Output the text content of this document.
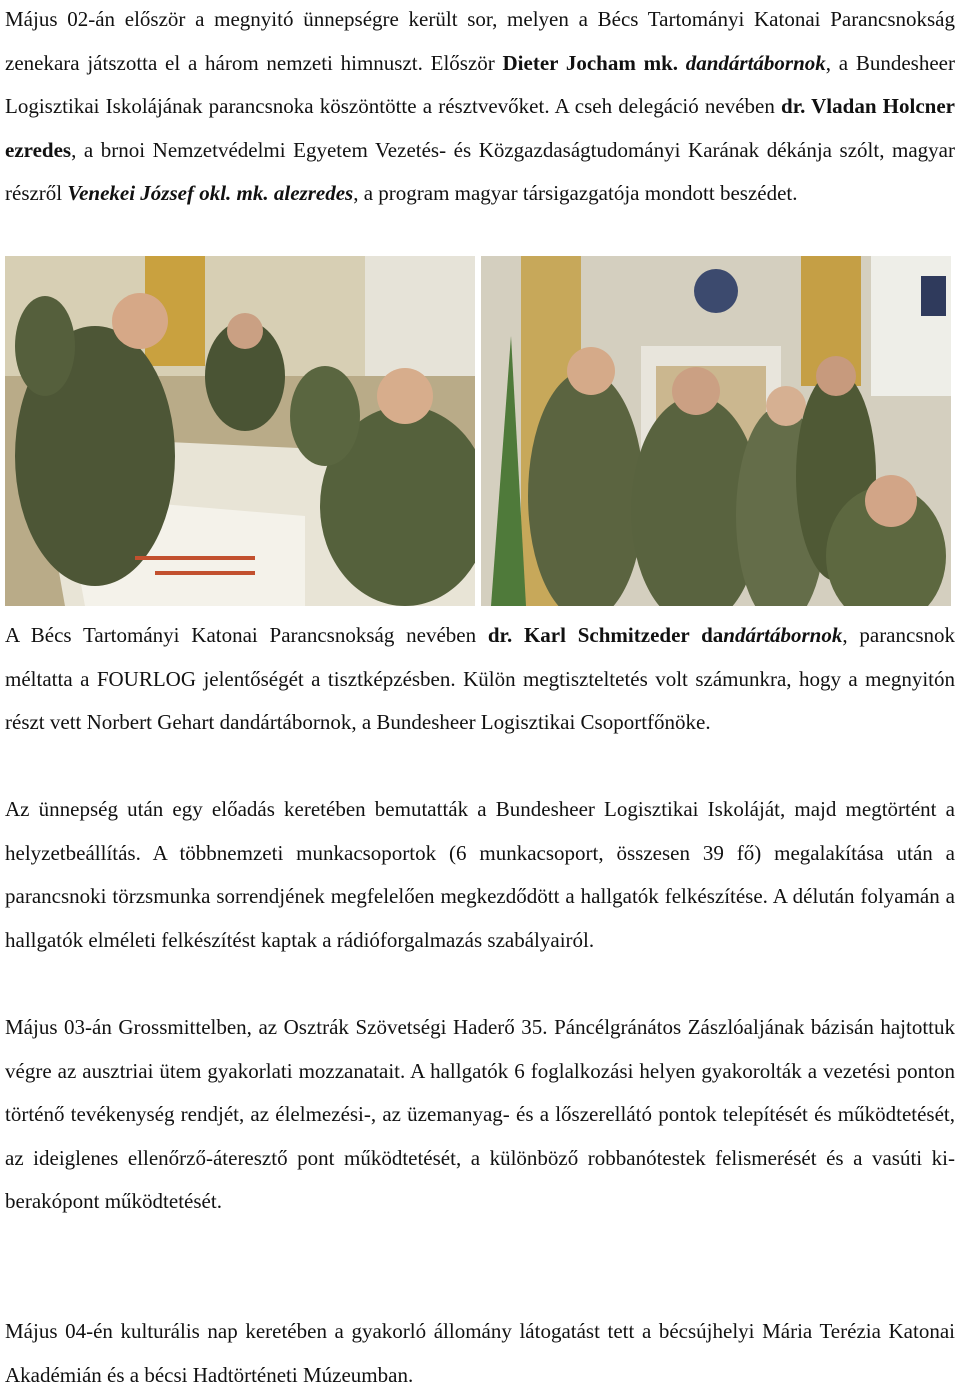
Május 02-án először a megnyitó ünnepségre került sor, melyen a Bécs Tartományi Katonai Parancsnokság zenekara játszotta el a három nemzeti himnuszt. Először Dieter Jocham mk. dandártábornok, a Bundesheer Logisztikai Iskolájának parancsnoka köszöntötte a résztvevőket. A cseh delegáció nevében dr. Vladan Holcner ezredes, a brnoi Nemzetvédelmi Egyetem Vezetés- és Közgazdaságtudományi Karának dékánja szólt, magyar részről Venekei József okl. mk. alezredes, a program magyar társigazgatója mondott beszédet.

A Bécs Tartományi Katonai Parancsnokság nevében dr. Karl Schmitzeder dandártábornok, parancsnok méltatta a FOURLOG jelentőségét a tisztképzésben. Külön megtiszteltetés volt számunkra, hogy a megnyitón részt vett Norbert Gehart dandártábornok, a Bundesheer Logisztikai Csoportfőnöke.

Az ünnepség után egy előadás keretében bemutatták a Bundesheer Logisztikai Iskoláját, majd megtörtént a helyzetbeállítás. A többnemzeti munkacsoportok (6 munkacsoport, összesen 39 fő) megalakítása után a parancsnoki törzsmunka sorrendjének megfelelően megkezdődött a hallgatók felkészítése. A délután folyamán a hallgatók elméleti felkészítést kaptak a rádióforgalmazás szabályairól.

Május 03-án Grossmittelben, az Osztrák Szövetségi Haderő 35. Páncélgránátos Zászlóaljának bázisán hajtottuk végre az ausztriai ütem gyakorlati mozzanatait. A hallgatók 6 foglalkozási helyen gyakorolták a vezetési ponton történő tevékenység rendjét, az élelmezési-, az üzemanyag- és a lőszerellátó pontok telepítését és működtetését, az ideiglenes ellenőrző-áteresztő pont működtetését, a különböző robbanótestek felismerését és a vasúti ki- berakópont működtetését.

Május 04-én kulturális nap keretében a gyakorló állomány látogatást tett a bécsújhelyi Mária Terézia Katonai Akadémián és a bécsi Hadtörténeti Múzeumban.
